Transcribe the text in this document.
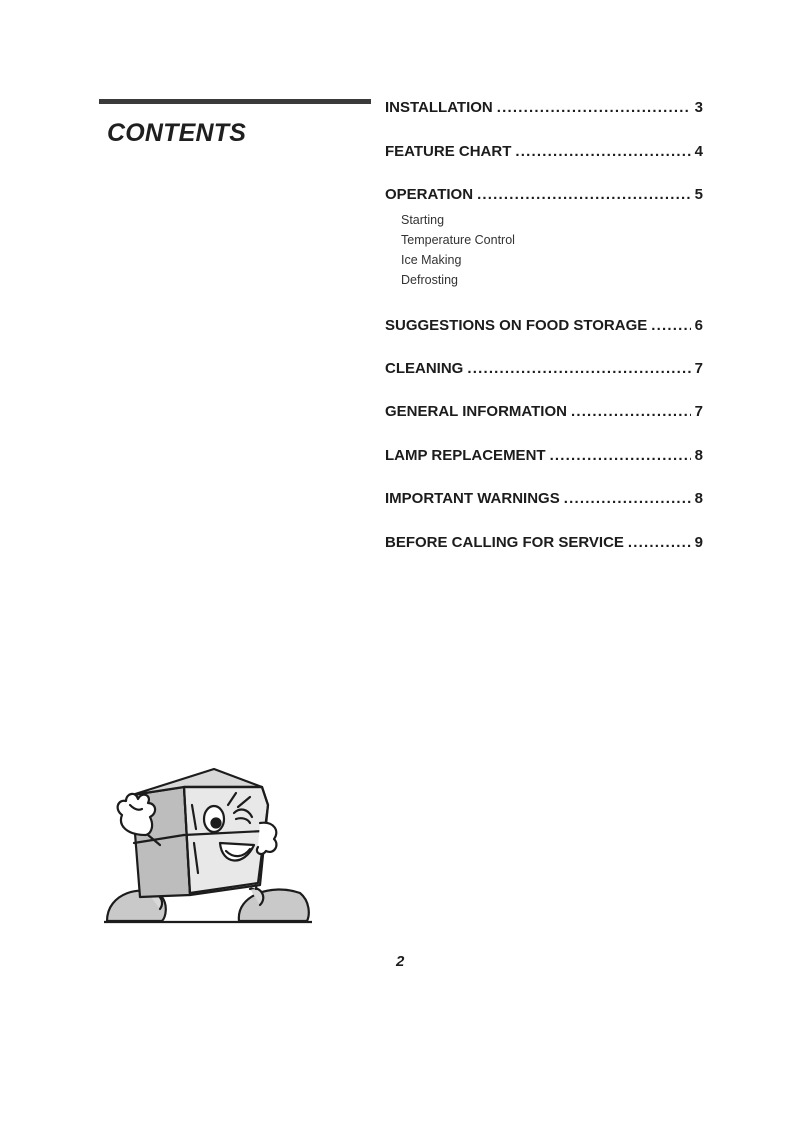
CONTENTS
INSTALLATION .....	3
FEATURE CHART .....	4
OPERATION .....	5
Starting
Temperature Control
Ice Making
Defrosting
SUGGESTIONS ON FOOD STORAGE .....	6
CLEANING .....	7
GENERAL INFORMATION .....	7
LAMP REPLACEMENT .....	8
IMPORTANT WARNINGS .....	8
BEFORE CALLING FOR SERVICE .....	9
2
